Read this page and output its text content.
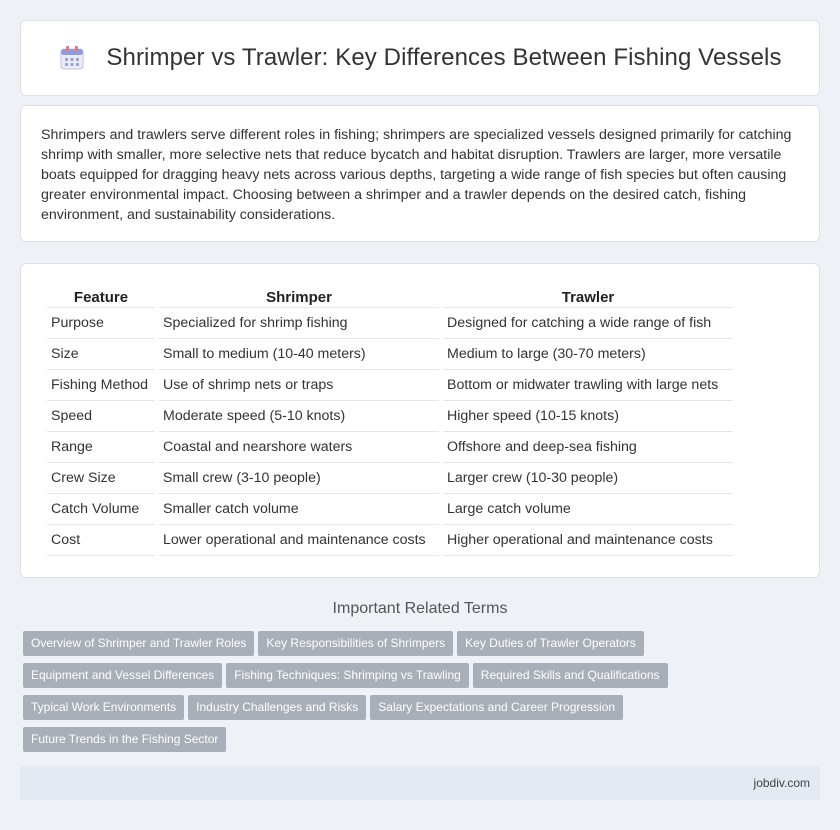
Shrimper vs Trawler: Key Differences Between Fishing Vessels

Shrimpers and trawlers serve different roles in fishing; shrimpers are specialized vessels designed primarily for catching shrimp with smaller, more selective nets that reduce bycatch and habitat disruption. Trawlers are larger, more versatile boats equipped for dragging heavy nets across various depths, targeting a wide range of fish species but often causing greater environmental impact. Choosing between a shrimper and a trawler depends on the desired catch, fishing environment, and sustainability considerations.

Feature	Shrimper	Trawler
Purpose	Specialized for shrimp fishing	Designed for catching a wide range of fish
Size	Small to medium (10-40 meters)	Medium to large (30-70 meters)
Fishing Method	Use of shrimp nets or traps	Bottom or midwater trawling with large nets
Speed	Moderate speed (5-10 knots)	Higher speed (10-15 knots)
Range	Coastal and nearshore waters	Offshore and deep-sea fishing
Crew Size	Small crew (3-10 people)	Larger crew (10-30 people)
Catch Volume	Smaller catch volume	Large catch volume
Cost	Lower operational and maintenance costs	Higher operational and maintenance costs
Important Related Terms
Overview of Shrimper and Trawler Roles Key Responsibilities of Shrimpers Key Duties of Trawler Operators
Equipment and Vessel Differences Fishing Techniques: Shrimping vs Trawling Required Skills and Qualifications
Typical Work Environments Industry Challenges and Risks Salary Expectations and Career Progression
Future Trends in the Fishing Sector
jobdiv.com
